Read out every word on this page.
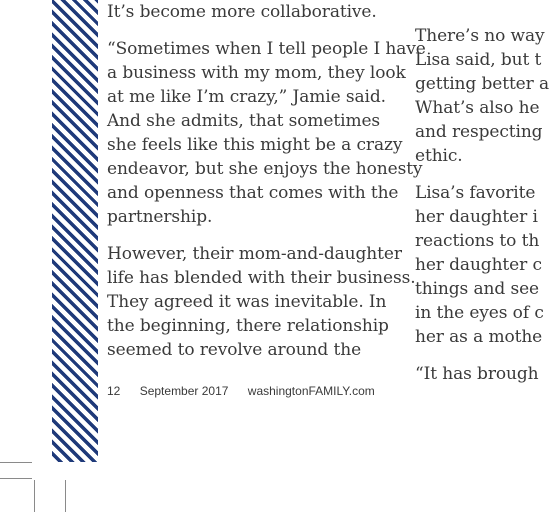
It’s become more collaborative.

“Sometimes when I tell people I have
a business with my mom, they look
at me like I’m crazy,” Jamie said.
And she admits, that sometimes
she feels like this might be a crazy
endeavor, but she enjoys the honesty
and openness that comes with the
partnership.

However, their mom-and-daughter
life has blended with their business.
They agreed it was inevitable. In
the beginning, there relationship
seemed to revolve around the

There’s no way
Lisa said, but t
getting better a
What’s also he
and respecting
ethic.

Lisa’s favorite
her daughter i
reactions to th
her daughter c
things and see
in the eyes of c
her as a mothe

“It has brough

12 September 2017 washingtonFAMILY.com
